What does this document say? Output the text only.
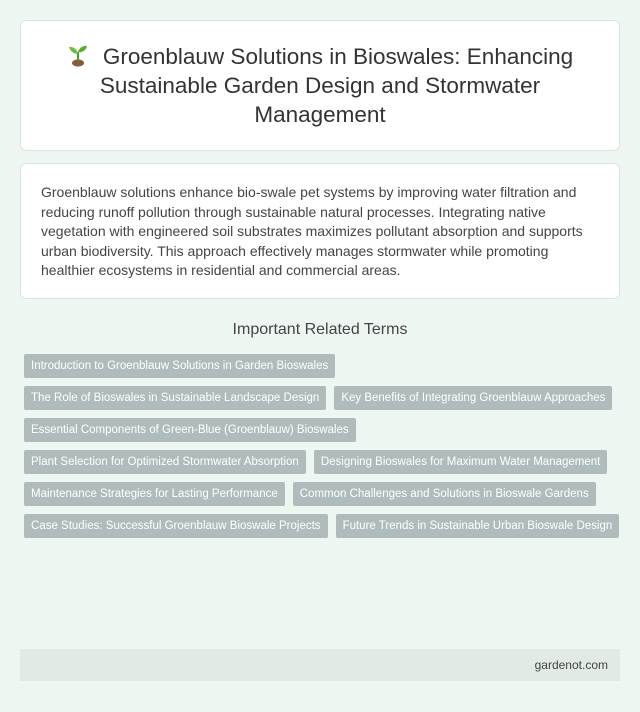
Groenblauw Solutions in Bioswales: Enhancing Sustainable Garden Design and Stormwater Management

Groenblauw solutions enhance bio-swale pet systems by improving water filtration and reducing runoff pollution through sustainable natural processes. Integrating native vegetation with engineered soil substrates maximizes pollutant absorption and supports urban biodiversity. This approach effectively manages stormwater while promoting healthier ecosystems in residential and commercial areas.

Important Related Terms
Introduction to Groenblauw Solutions in Garden Bioswales
The Role of Bioswales in Sustainable Landscape Design	Key Benefits of Integrating Groenblauw Approaches
Essential Components of Green-Blue (Groenblauw) Bioswales
Plant Selection for Optimized Stormwater Absorption	Designing Bioswales for Maximum Water Management
Maintenance Strategies for Lasting Performance	Common Challenges and Solutions in Bioswale Gardens
Case Studies: Successful Groenblauw Bioswale Projects	Future Trends in Sustainable Urban Bioswale Design
gardenot.com
